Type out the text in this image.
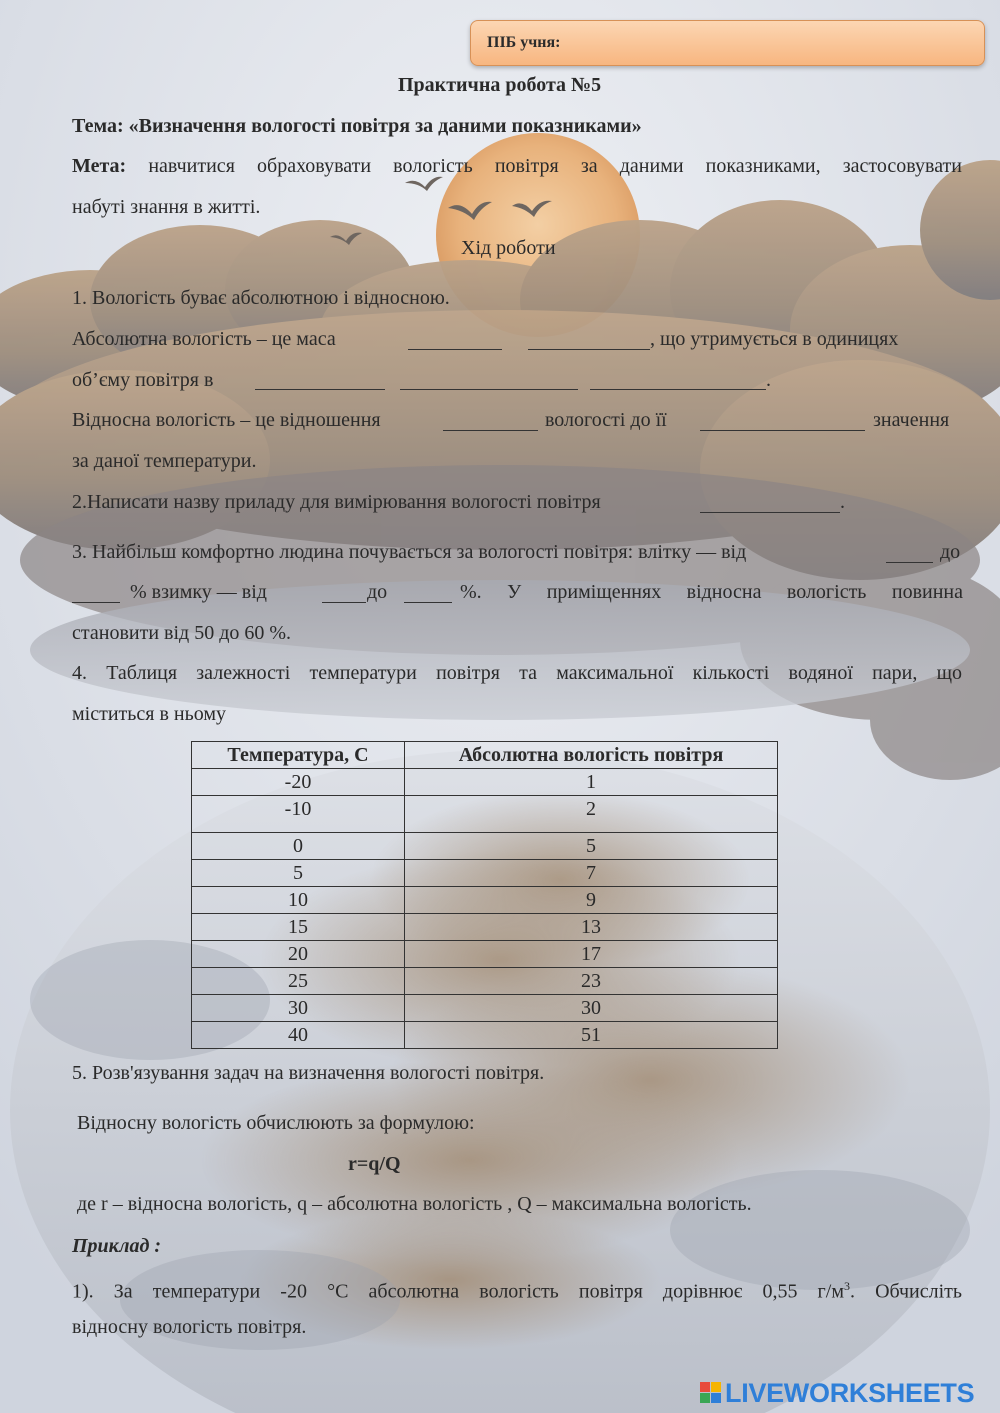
ПІБ учня:
Практична робота №5
Тема: «Визначення вологості повітря за даними показниками»
Мета: навчитися обраховувати вологість повітря за даними показниками, застосовувати
набуті знання в житті.
Хід роботи
1. Вологість буває абсолютною і відносною.
Абсолютна вологість – це маса	, що утримується в одиницях
об’єму повітря в	.
Відносна вологість – це відношення	вологості до її	значення
за даної температури.
2.Написати назву приладу для вимірювання вологості повітря	.
3. Найбільш комфортно людина почувається за вологості повітря: влітку — від	до
% взимку — від	до	%. У приміщеннях відносна вологість повинна
становити від 50 до 60 %.
4. Таблиця залежності температури повітря та максимальної кількості водяної пари, що
міститься в ньому
Температура, С	Абсолютна вологість повітря
-20	1
-10	2
0	5
5	7
10	9
15	13
20	17
25	23
30	30
40	51
5. Розв'язування задач на визначення вологості повітря.
Відносну вологість обчислюють за формулою:
r=q/Q
де r – відносна вологість, q – абсолютна вологість , Q – максимальна вологість.
Приклад :
1). За температури -20 °С абсолютна вологість повітря дорівнює 0,55 $г/м^3$. Обчисліть
відносну вологість повітря.
LIVEWORKSHEETS
